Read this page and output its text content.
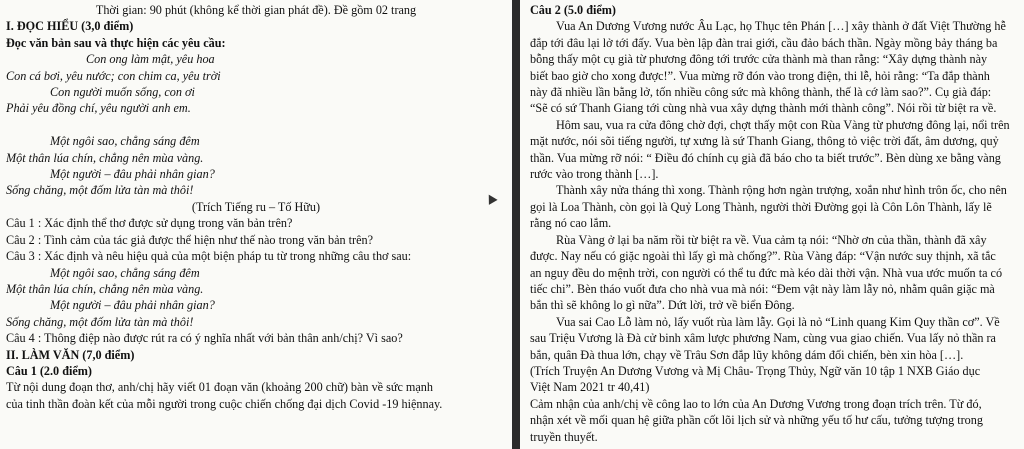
Thời gian: 90 phút (không kể thời gian phát đề). Đề gồm 02 trang
I. ĐỌC HIỂU (3,0 điểm)
Đọc văn bản sau và thực hiện các yêu cầu:
Con ong làm mật, yêu hoa
Con cá bơi, yêu nước; con chim ca, yêu trời
Con người muốn sống, con ơi
Phải yêu đồng chí, yêu người anh em.

Một ngôi sao, chẳng sáng đêm
Một thân lúa chín, chẳng nên mùa vàng.
Một người – đâu phải nhân gian?
Sống chăng, một đốm lửa tàn mà thôi!
(Trích Tiếng ru – Tố Hữu)
Câu 1 : Xác định thể thơ được sử dụng trong văn bản trên?
Câu 2 : Tình cảm của tác giả được thể hiện như thế nào trong văn bản trên?
Câu 3 : Xác định và nêu hiệu quả của một biện pháp tu từ trong những câu thơ sau:
Một ngôi sao, chẳng sáng đêm
Một thân lúa chín, chẳng nên mùa vàng.
Một người – đâu phải nhân gian?
Sống chăng, một đốm lửa tàn mà thôi!
Câu 4 : Thông điệp nào được rút ra có ý nghĩa nhất với bản thân anh/chị? Vì sao?
II. LÀM VĂN (7,0 điểm)
Câu 1 (2.0 điểm)
Từ nội dung đoạn thơ, anh/chị hãy viết 01 đoạn văn (khoảng 200 chữ) bàn về sức mạnh
của tinh thần đoàn kết của mỗi người trong cuộc chiến chống đại dịch Covid -19 hiệnnay.
Câu 2 (5.0 điểm)
Vua An Dương Vương nước Âu Lạc, họ Thục tên Phán […] xây thành ở đất Việt Thường hễ
đắp tới đâu lại lở tới đấy. Vua bèn lập đàn trai giới, cầu đảo bách thần. Ngày mồng bảy tháng ba
bỗng thấy một cụ già từ phương đông tới trước cửa thành mà than rằng: “Xây dựng thành này
biết bao giờ cho xong được!”. Vua mừng rỡ đón vào trong điện, thi lễ, hỏi rằng: “Ta đắp thành
này đã nhiều lần bằng lở, tốn nhiều công sức mà không thành, thế là cớ làm sao?”. Cụ già đáp:
“Sẽ có sứ Thanh Giang tới cùng nhà vua xây dựng thành mới thành công”. Nói rồi từ biệt ra về.
Hôm sau, vua ra cửa đông chờ đợi, chợt thấy một con Rùa Vàng từ phương đông lại, nổi trên
mặt nước, nói sõi tiếng người, tự xưng là sứ Thanh Giang, thông tỏ việc trời đất, âm dương, quỷ
thần. Vua mừng rỡ nói: “ Điều đó chính cụ già đã báo cho ta biết trước”. Bèn dùng xe bằng vàng
rước vào trong thành […].
Thành xây nửa tháng thì xong. Thành rộng hơn ngàn trượng, xoắn như hình trôn ốc, cho nên
gọi là Loa Thành, còn gọi là Quỷ Long Thành, người thời Đường gọi là Côn Lôn Thành, lấy lẽ
rằng nó cao lắm.
Rùa Vàng ở lại ba năm rồi từ biệt ra về. Vua cảm tạ nói: “Nhờ ơn của thần, thành đã xây
được. Nay nếu có giặc ngoài thì lấy gì mà chống?”. Rùa Vàng đáp: “Vận nước suy thịnh, xã tắc
an nguy đều do mệnh trời, con người có thể tu đức mà kéo dài thời vận. Nhà vua ước muốn ta có
tiếc chi”. Bèn tháo vuốt đưa cho nhà vua mà nói: “Đem vật này làm lẫy nỏ, nhằm quân giặc mà
bắn thì sẽ không lo gì nữa”. Dứt lời, trở về biển Đông.
Vua sai Cao Lỗ làm nỏ, lấy vuốt rùa làm lẫy. Gọi là nỏ “Linh quang Kim Quy thần cơ”. Về
sau Triệu Vương là Đà cử binh xâm lược phương Nam, cùng vua giao chiến. Vua lấy nỏ thần ra
bắn, quân Đà thua lớn, chạy về Trâu Sơn đắp lũy không dám đối chiến, bèn xin hòa […].
(Trích Truyện An Dương Vương và Mị Châu- Trọng Thủy, Ngữ văn 10 tập 1 NXB Giáo dục
Việt Nam 2021 tr 40,41)
Cảm nhận của anh/chị về công lao to lớn của An Dương Vương trong đoạn trích trên. Từ đó,
nhận xét về mối quan hệ giữa phần cốt lõi lịch sử và những yếu tố hư cấu, tưởng tượng trong
truyền thuyết.
